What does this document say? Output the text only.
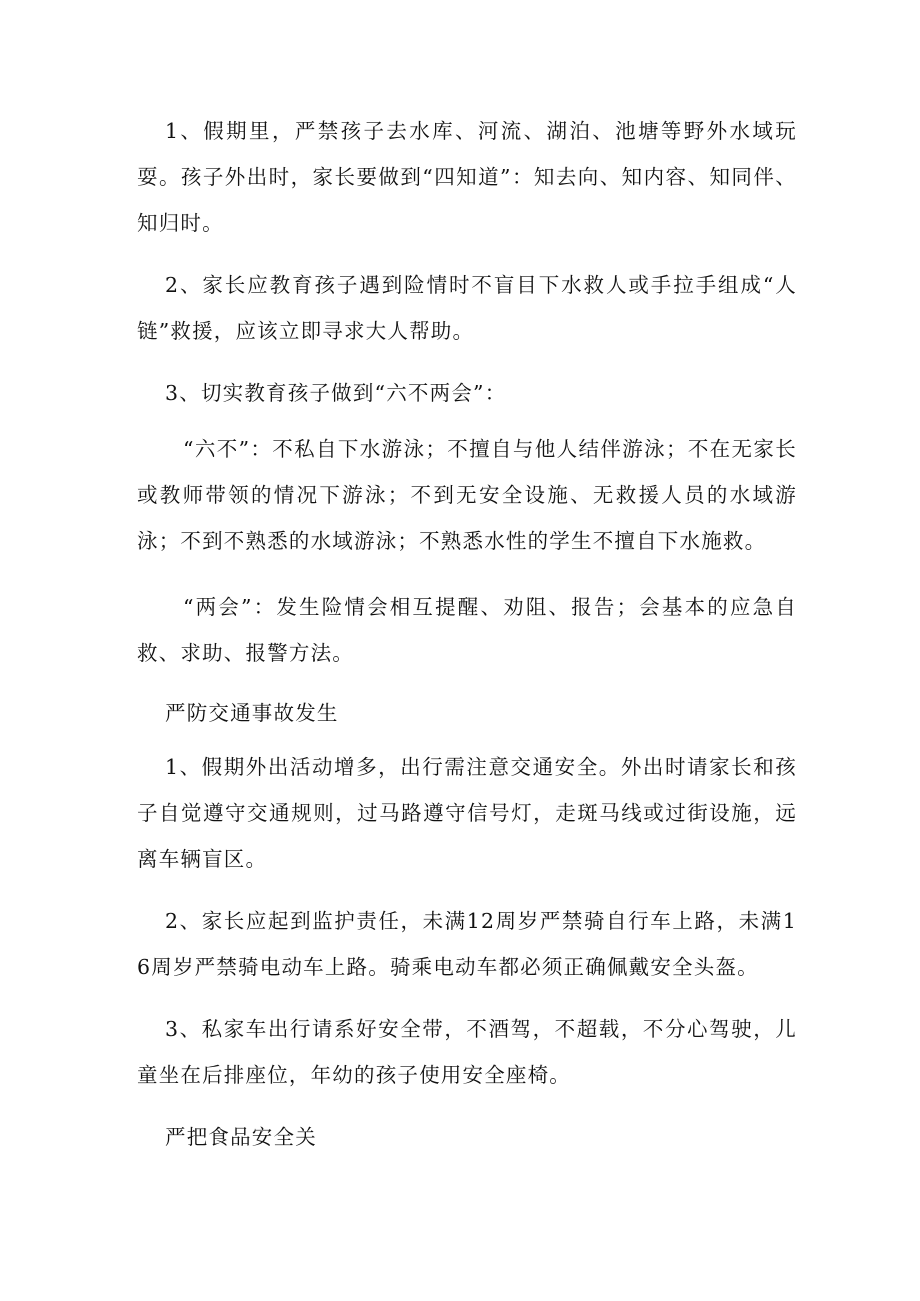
1、假期里，严禁孩子去水库、河流、湖泊、池塘等野外水域玩耍。孩子外出时，家长要做到“四知道”：知去向、知内容、知同伴、知归时。

2、家长应教育孩子遇到险情时不盲目下水救人或手拉手组成“人链”救援，应该立即寻求大人帮助。

3、切实教育孩子做到“六不两会”：

“六不”：不私自下水游泳；不擅自与他人结伴游泳；不在无家长或教师带领的情况下游泳；不到无安全设施、无救援人员的水域游泳；不到不熟悉的水域游泳；不熟悉水性的学生不擅自下水施救。

“两会”：发生险情会相互提醒、劝阻、报告；会基本的应急自救、求助、报警方法。

严防交通事故发生

1、假期外出活动增多，出行需注意交通安全。外出时请家长和孩子自觉遵守交通规则，过马路遵守信号灯，走斑马线或过街设施，远离车辆盲区。

2、家长应起到监护责任，未满12周岁严禁骑自行车上路，未满16周岁严禁骑电动车上路。骑乘电动车都必须正确佩戴安全头盔。

3、私家车出行请系好安全带，不酒驾，不超载，不分心驾驶，儿童坐在后排座位，年幼的孩子使用安全座椅。

严把食品安全关
